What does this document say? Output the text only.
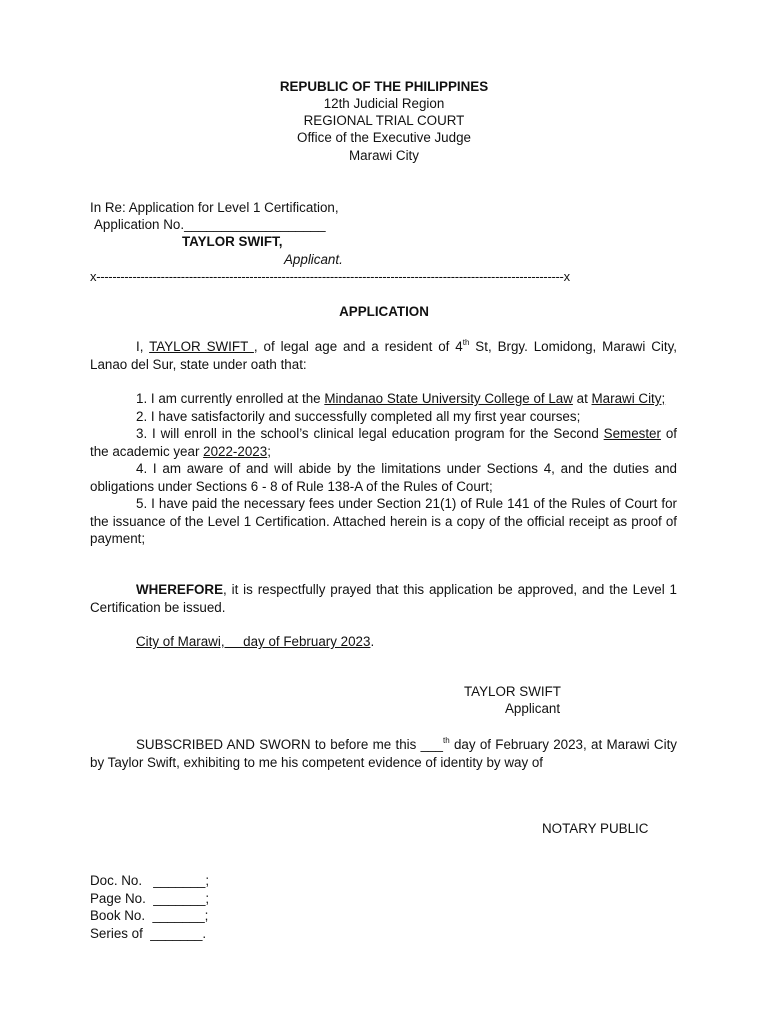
REPUBLIC OF THE PHILIPPINES
12th Judicial Region
REGIONAL TRIAL COURT
Office of the Executive Judge
Marawi City
In Re: Application for Level 1 Certification,
Application No.___________________
TAYLOR SWIFT,
Applicant.
x--------------------------------------------------------------------------------------------------------------------x
APPLICATION

I, TAYLOR SWIFT , of legal age and a resident of 4th St, Brgy. Lomidong, Marawi City, Lanao del Sur, state under oath that:

1. I am currently enrolled at the Mindanao State University College of Law at Marawi City;

2. I have satisfactorily and successfully completed all my first year courses;

3. I will enroll in the school’s clinical legal education program for the Second Semester of the academic year 2022-2023;

4. I am aware of and will abide by the limitations under Sections 4, and the duties and obligations under Sections 6 - 8 of Rule 138-A of the Rules of Court;

5. I have paid the necessary fees under Section 21(1) of Rule 141 of the Rules of Court for the issuance of the Level 1 Certification. Attached herein is a copy of the official receipt as proof of payment;

WHEREFORE, it is respectfully prayed that this application be approved, and the Level 1 Certification be issued.

City of Marawi,     day of February 2023.
TAYLOR SWIFT
Applicant

SUBSCRIBED AND SWORN to before me this ___$^{th}$ day of February 2023, at Marawi City by Taylor Swift, exhibiting to me his competent evidence of identity by way of

NOTARY PUBLIC
Doc. No.   _______;
Page No.  _______;
Book No.  _______;
Series of  _______.
